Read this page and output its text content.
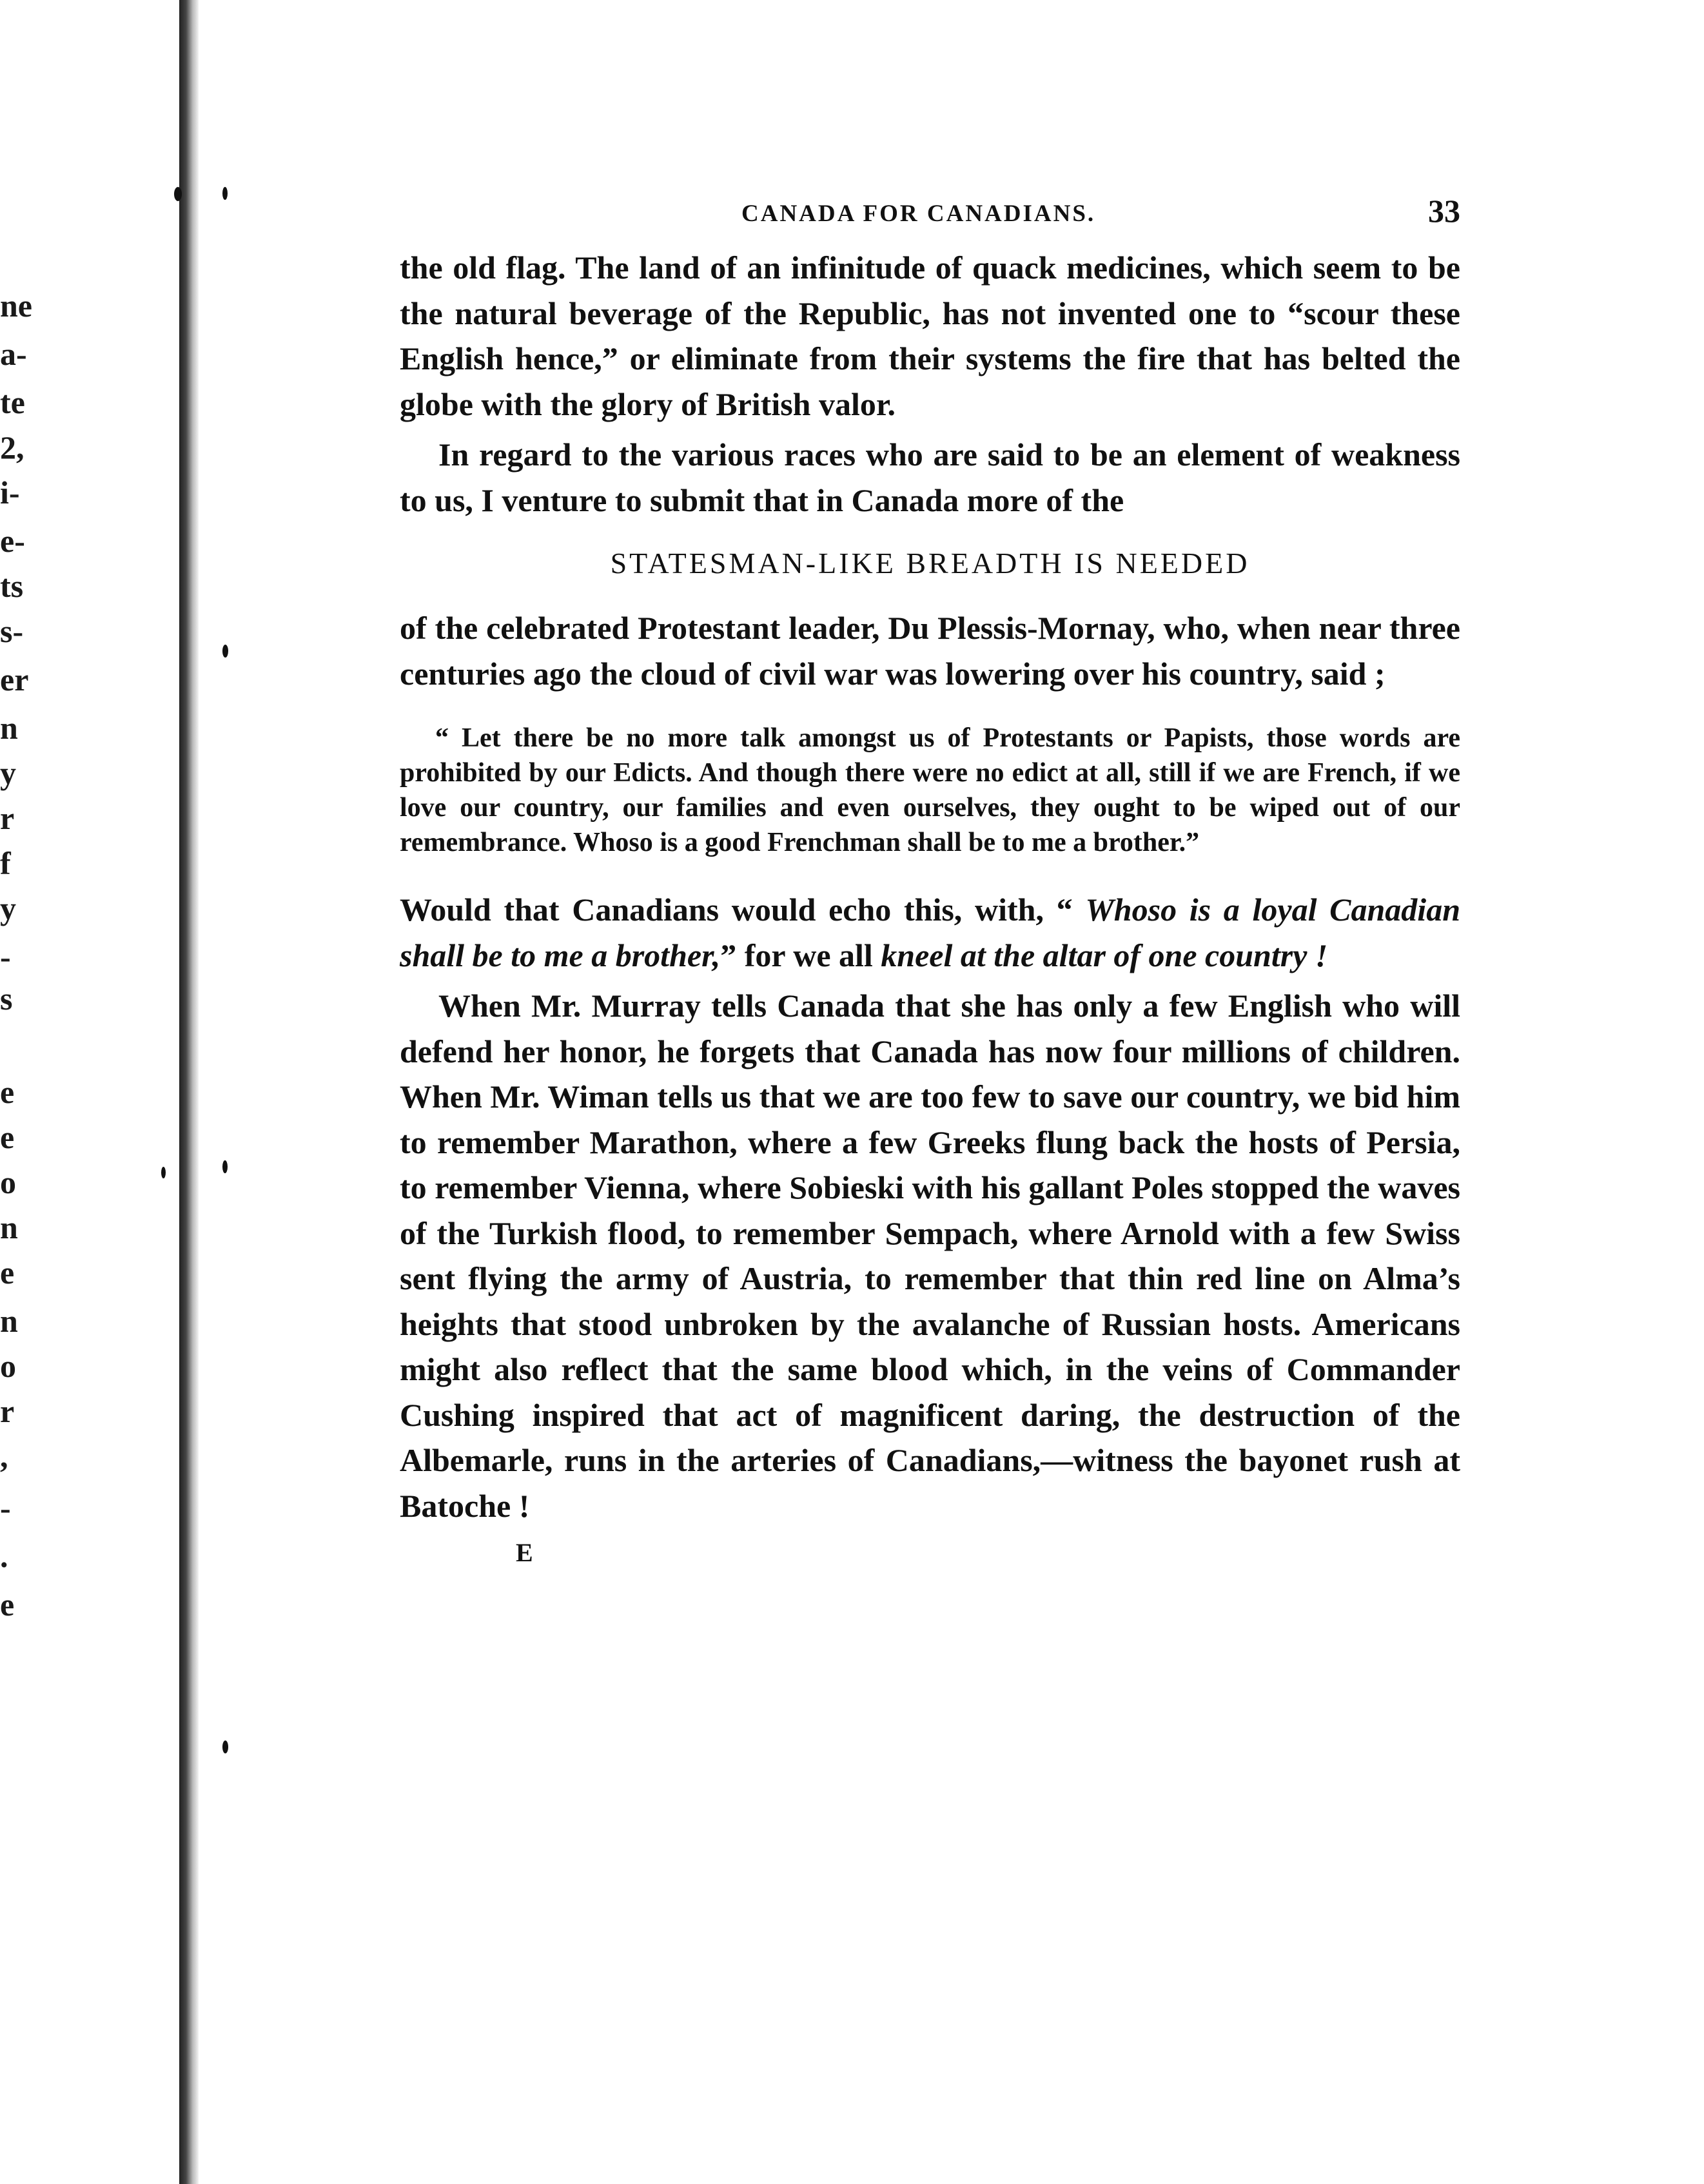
ne
a-
te
2,
i-
e-
ts
s-
er
n
y
r
f
y
-
s
e
e
o
n
e
n
o
r
,
-
.
e
CANADA FOR CANADIANS.	33

the old flag. The land of an infinitude of quack medicines, which seem to be the natural beverage of the Republic, has not invented one to “scour these English hence,” or eliminate from their systems the fire that has belted the globe with the glory of British valor.

In regard to the various races who are said to be an element of weakness to us, I venture to submit that in Canada more of the

STATESMAN-LIKE BREADTH IS NEEDED

of the celebrated Protestant leader, Du Plessis-Mornay, who, when near three centuries ago the cloud of civil war was lowering over his country, said ;

“ Let there be no more talk amongst us of Protestants or Papists, those words are prohibited by our Edicts. And though there were no edict at all, still if we are French, if we love our country, our families and even ourselves, they ought to be wiped out of our remembrance. Whoso is a good Frenchman shall be to me a brother.”

Would that Canadians would echo this, with, “ Whoso is a loyal Canadian shall be to me a brother,” for we all kneel at the altar of one country !

When Mr. Murray tells Canada that she has only a few English who will defend her honor, he forgets that Canada has now four millions of children. When Mr. Wiman tells us that we are too few to save our country, we bid him to remember Marathon, where a few Greeks flung back the hosts of Persia, to remember Vienna, where Sobieski with his gallant Poles stopped the waves of the Turkish flood, to remember Sempach, where Arnold with a few Swiss sent flying the army of Austria, to remember that thin red line on Alma’s heights that stood unbroken by the avalanche of Russian hosts. Americans might also reflect that the same blood which, in the veins of Commander Cushing inspired that act of magnificent daring, the destruction of the Albemarle, runs in the arteries of Canadians,—witness the bayonet rush at Batoche !

E
